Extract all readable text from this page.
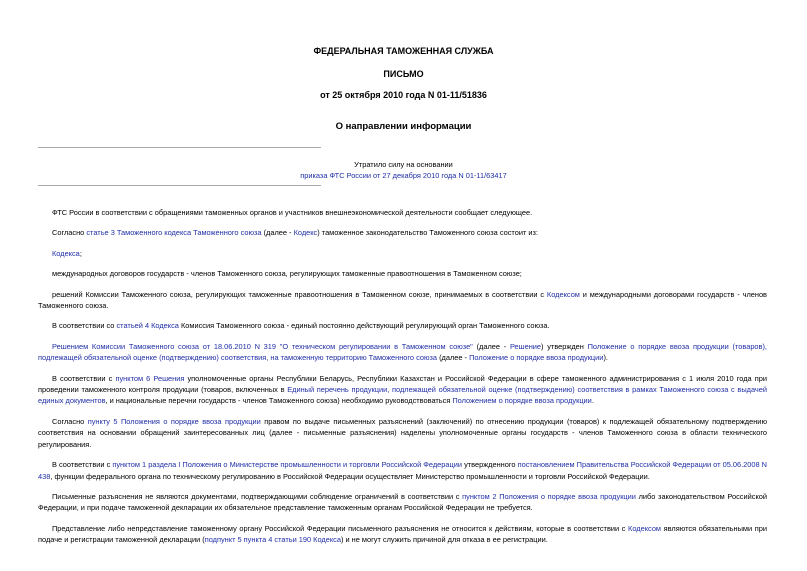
ФЕДЕРАЛЬНАЯ ТАМОЖЕННАЯ СЛУЖБА
ПИСЬМО
от 25 октября 2010 года N 01-11/51836
О направлении информации
Утратило силу на основании
приказа ФТС России от 27 декабря 2010 года N 01-11/63417

ФТС России в соответствии с обращениями таможенных органов и участников внешнеэкономической деятельности сообщает следующее.

Согласно статье 3 Таможенного кодекса Таможенного союза (далее - Кодекс) таможенное законодательство Таможенного союза состоит из:

Кодекса;

международных договоров государств - членов Таможенного союза, регулирующих таможенные правоотношения в Таможенном союзе;

решений Комиссии Таможенного союза, регулирующих таможенные правоотношения в Таможенном союзе, принимаемых в соответствии с Кодексом и международными договорами государств - членов Таможенного союза.

В соответствии со статьей 4 Кодекса Комиссия Таможенного союза - единый постоянно действующий регулирующий орган Таможенного союза.

Решением Комиссии Таможенного союза от 18.06.2010 N 319 "О техническом регулировании в Таможенном союзе" (далее - Решение) утвержден Положение о порядке ввоза продукции (товаров), подлежащей обязательной оценке (подтверждению) соответствия, на таможенную территорию Таможенного союза (далее - Положение о порядке ввоза продукции).

В соответствии с пунктом 6 Решения уполномоченные органы Республики Беларусь, Республики Казахстан и Российской Федерации в сфере таможенного администрирования с 1 июля 2010 года при проведении таможенного контроля продукции (товаров, включенных в Единый перечень продукции, подлежащей обязательной оценке (подтверждению) соответствия в рамках Таможенного союза с выдачей единых документов, и национальные перечни государств - членов Таможенного союза) необходимо руководствоваться Положением о порядке ввоза продукции.

Согласно пункту 5 Положения о порядке ввоза продукции правом по выдаче письменных разъяснений (заключений) по отнесению продукции (товаров) к подлежащей обязательному подтверждению соответствия на основании обращений заинтересованных лиц (далее - письменные разъяснения) наделены уполномоченные органы государств - членов Таможенного союза в области технического регулирования.

В соответствии с пунктом 1 раздела I Положения о Министерстве промышленности и торговли Российской Федерации утвержденного постановлением Правительства Российской Федерации от 05.06.2008 N 438, функции федерального органа по техническому регулированию в Российской Федерации осуществляет Министерство промышленности и торговли Российской Федерации.

Письменные разъяснения не являются документами, подтверждающими соблюдение ограничений в соответствии с пунктом 2 Положения о порядке ввоза продукции либо законодательством Российской Федерации, и при подаче таможенной декларации их обязательное представление таможенным органам Российской Федерации не требуется.

Представление либо непредставление таможенному органу Российской Федерации письменного разъяснения не относится к действиям, которые в соответствии с Кодексом являются обязательными при подаче и регистрации таможенной декларации (подпункт 5 пункта 4 статьи 190 Кодекса) и не могут служить причиной для отказа в ее регистрации.
